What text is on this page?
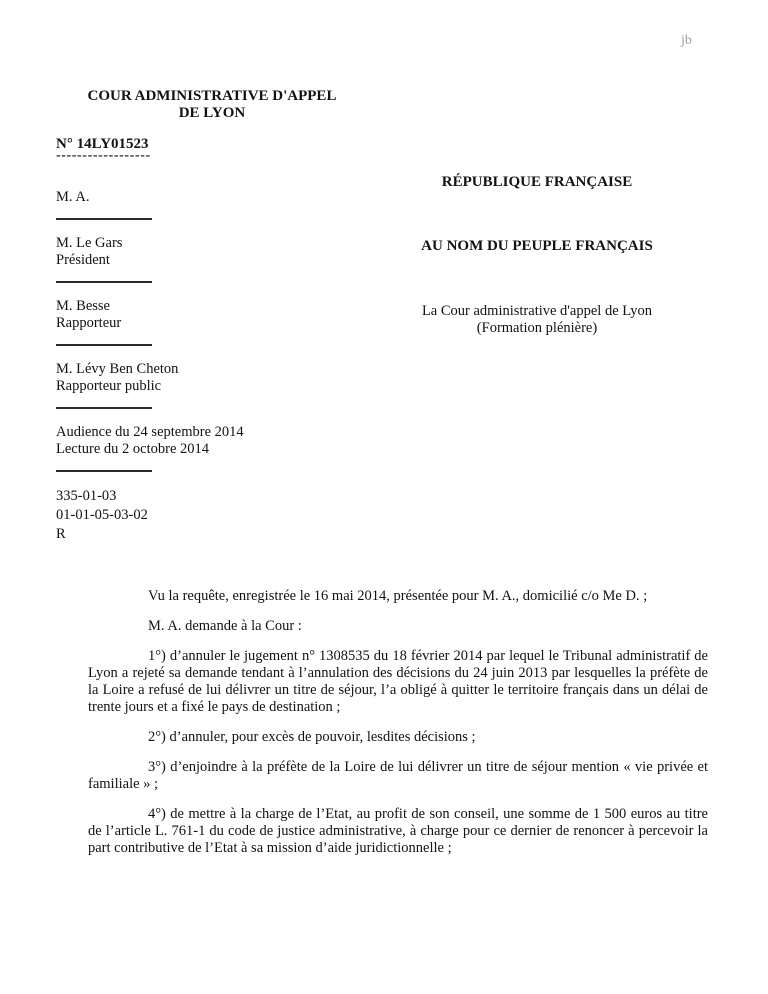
jb
COUR ADMINISTRATIVE D'APPEL
DE LYON
N° 14LY01523
------------------
M. A.
M. Le Gars
Président
M. Besse
Rapporteur
M. Lévy Ben Cheton
Rapporteur public
Audience du 24 septembre 2014
Lecture du 2 octobre 2014
335-01-03
01-01-05-03-02
R
RÉPUBLIQUE FRANÇAISE
AU NOM DU PEUPLE FRANÇAIS
La Cour administrative d'appel de Lyon
(Formation plénière)

Vu la requête, enregistrée le 16 mai 2014, présentée pour M. A., domicilié c/o Me D. ;

M. A. demande à la Cour :

1°) d’annuler le jugement n° 1308535 du 18 février 2014 par lequel le Tribunal administratif de Lyon a rejeté sa demande tendant à l’annulation des décisions du 24 juin 2013 par lesquelles la préfète de la Loire a refusé de lui délivrer un titre de séjour, l’a obligé à quitter le territoire français dans un délai de trente jours et a fixé le pays de destination ;

2°) d’annuler, pour excès de pouvoir, lesdites décisions ;

3°) d’enjoindre à la préfète de la Loire de lui délivrer un titre de séjour mention « vie privée et familiale » ;

4°) de mettre à la charge de l’Etat, au profit de son conseil, une somme de 1 500 euros au titre de l’article L. 761-1 du code de justice administrative, à charge pour ce dernier de renoncer à percevoir la part contributive de l’Etat à sa mission d’aide juridictionnelle ;
